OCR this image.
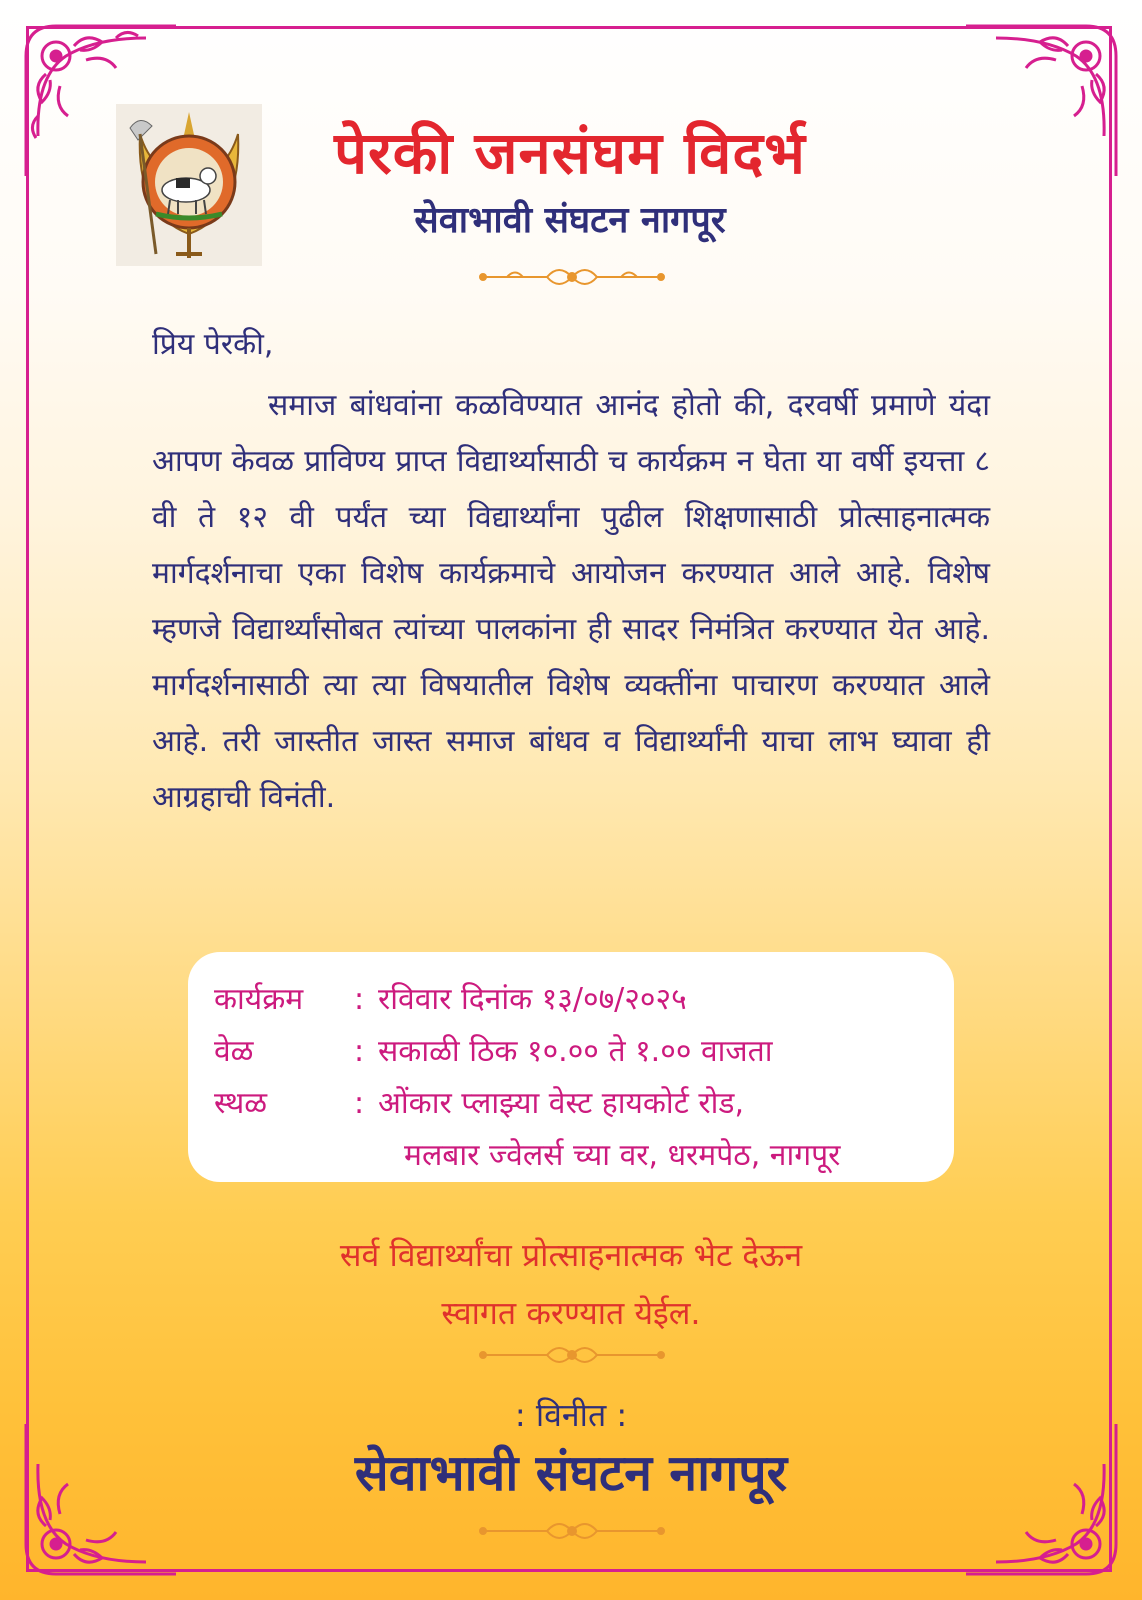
पेरकी जनसंघम विदर्भ
सेवाभावी संघटन नागपूर
प्रिय पेरकी,
समाज बांधवांना कळविण्यात आनंद होतो की, दरवर्षी प्रमाणे यंदा आपण केवळ प्राविण्य प्राप्त विद्यार्थ्यासाठी च कार्यक्रम न घेता या वर्षी इयत्ता ८ वी ते १२ वी पर्यंत च्या विद्यार्थ्यांना पुढील शिक्षणासाठी प्रोत्साहनात्मक मार्गदर्शनाचा एका विशेष कार्यक्रमाचे आयोजन करण्यात आले आहे. विशेष म्हणजे विद्यार्थ्यांसोबत त्यांच्या पालकांना ही सादर निमंत्रित करण्यात येत आहे. मार्गदर्शनासाठी त्या त्या विषयातील विशेष व्यक्तींना पाचारण करण्यात आले आहे. तरी जास्तीत जास्त समाज बांधव व विद्यार्थ्यांनी याचा लाभ घ्यावा ही आग्रहाची विनंती.
कार्यक्रम	: रविवार दिनांक १३/०७/२०२५
वेळ	: सकाळी ठिक १०.०० ते १.०० वाजता
स्थळ	: ओंकार प्लाझ्या वेस्ट हायकोर्ट रोड,
मलबार ज्वेलर्स च्या वर, धरमपेठ, नागपूर
सर्व विद्यार्थ्यांचा प्रोत्साहनात्मक भेट देऊन
स्वागत करण्यात येईल.
: विनीत :
सेवाभावी संघटन नागपूर
